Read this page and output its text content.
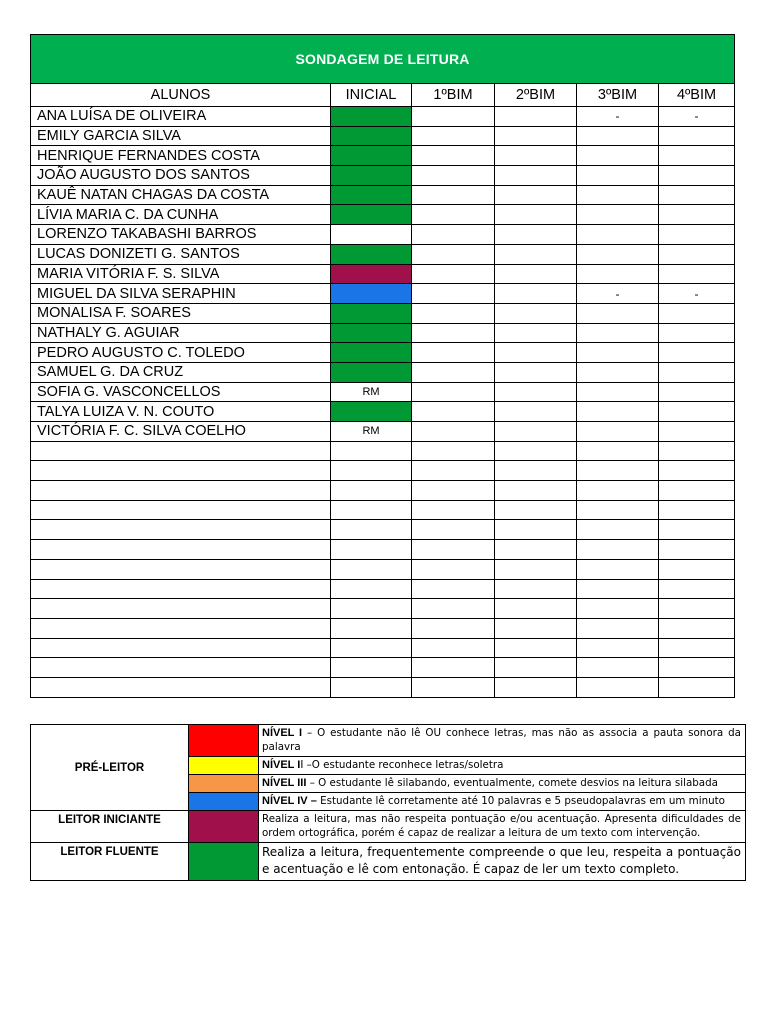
SONDAGEM DE LEITURA					
ALUNOS	INICIAL	1ºBIM	2ºBIM	3ºBIM	4ºBIM
ANA LUÍSA DE OLIVEIRA				-	-
EMILY GARCIA SILVA					
HENRIQUE FERNANDES COSTA					
JOÃO AUGUSTO DOS SANTOS					
KAUÊ NATAN CHAGAS DA COSTA					
LÍVIA MARIA C. DA CUNHA					
LORENZO TAKABASHI BARROS					
LUCAS DONIZETI G. SANTOS					
MARIA VITÓRIA F. S. SILVA					
MIGUEL DA SILVA SERAPHIN				-	-
MONALISA F. SOARES					
NATHALY G. AGUIAR					
PEDRO AUGUSTO C. TOLEDO					
SAMUEL G. DA CRUZ					
SOFIA G. VASCONCELLOS	RM				
TALYA LUIZA V. N. COUTO					
VICTÓRIA F. C. SILVA COELHO	RM				

PRÉ-LEITOR		NÍVEL I – O estudante não lê OU conhece letras, mas não as associa a pauta sonora da palavra
		NÍVEL II –O estudante reconhece letras/soletra
		NÍVEL III – O estudante lê silabando, eventualmente, comete desvios na leitura silabada
		NÍVEL IV – Estudante lê corretamente até 10 palavras e 5 pseudopalavras em um minuto
LEITOR INICIANTE		Realiza a leitura, mas não respeita pontuação e/ou acentuação. Apresenta dificuldades de ordem ortográfica, porém é capaz de realizar a leitura de um texto com intervenção.
LEITOR FLUENTE		Realiza a leitura, frequentemente compreende o que leu, respeita a pontuação e acentuação e lê com entonação. É capaz de ler um texto completo.
